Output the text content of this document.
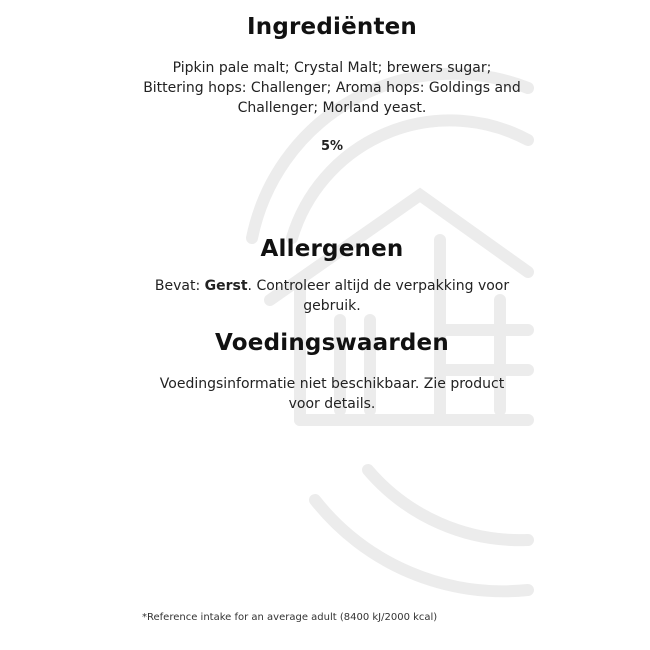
Ingrediënten

Pipkin pale malt; Crystal Malt; brewers sugar; Bittering hops: Challenger; Aroma hops: Goldings and Challenger; Morland yeast.

5%

Allergenen

Bevat: Gerst. Controleer altijd de verpakking voor gebruik.

Voedingswaarden

Voedingsinformatie niet beschikbaar. Zie product voor details.

*Reference intake for an average adult (8400 kJ/2000 kcal)
